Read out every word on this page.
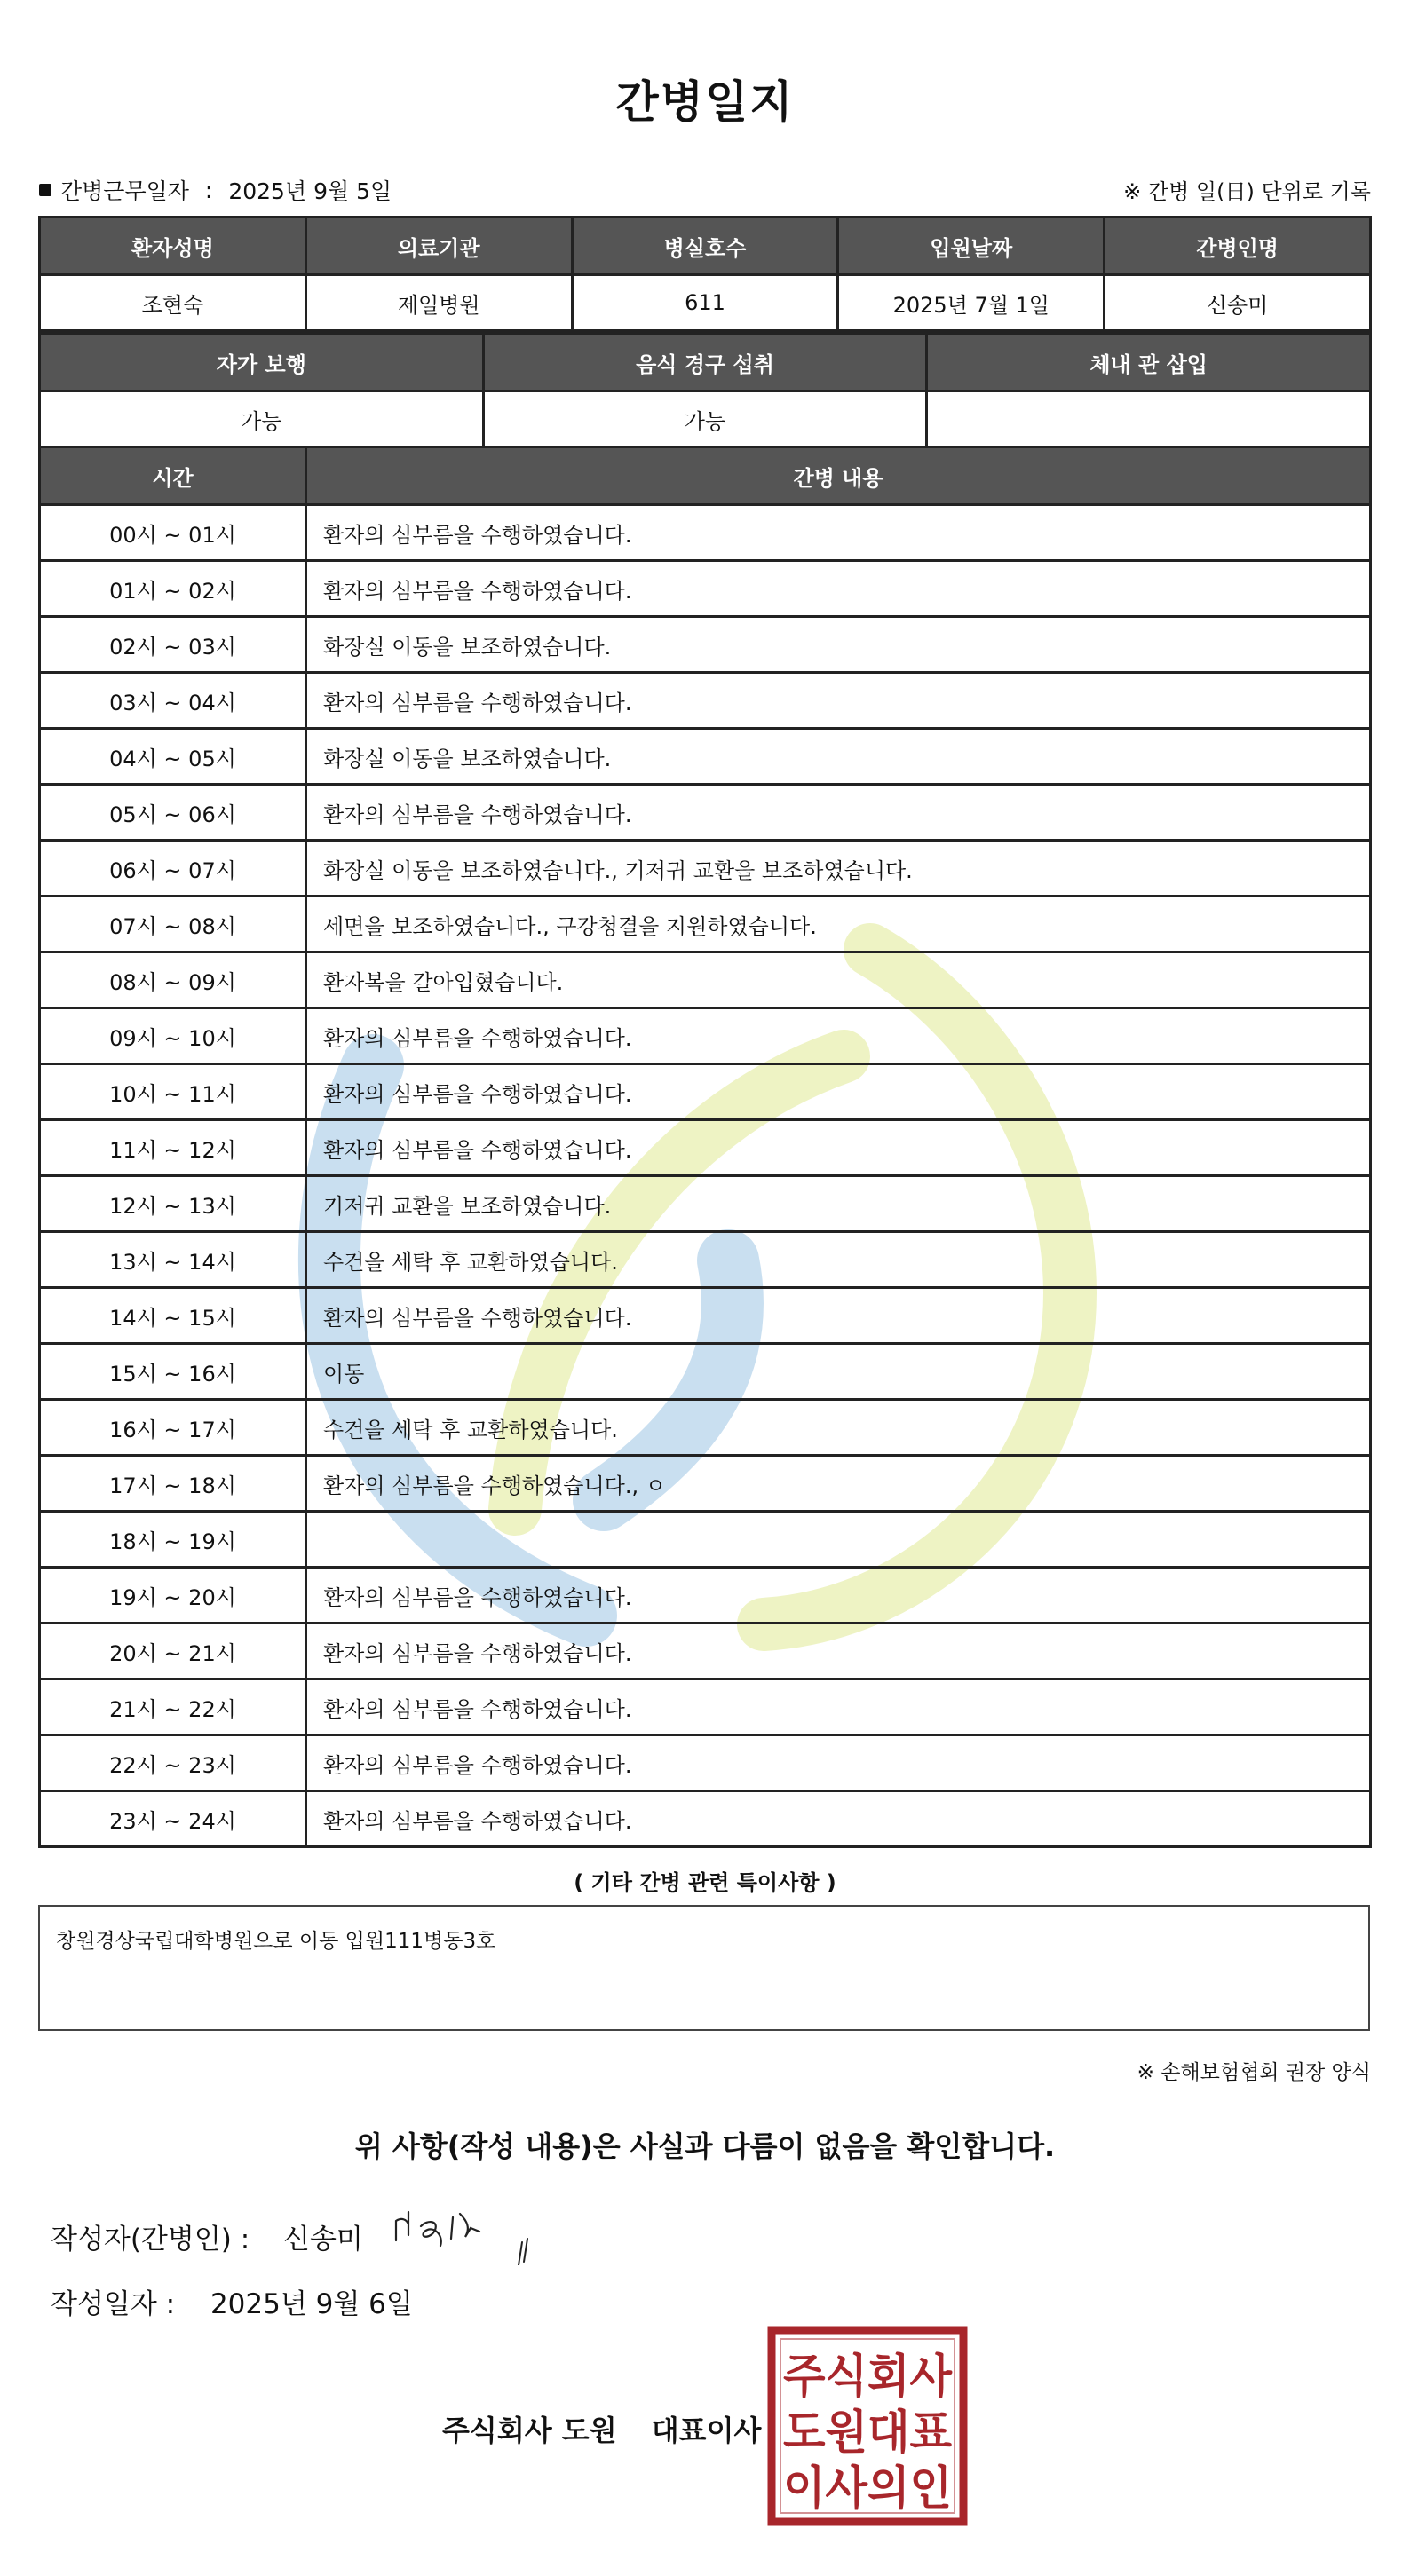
간병일지
간병근무일자 : 2025년 9월 5일	※ 간병 일(日) 단위로 기록
환자성명	의료기관	병실호수	입원날짜	간병인명
조현숙	제일병원	611	2025년 7월 1일	신송미
자가 보행	음식 경구 섭취	체내 관 삽입
가능	가능	
시간	간병 내용
00시 ~ 01시	환자의 심부름을 수행하였습니다.
01시 ~ 02시	환자의 심부름을 수행하였습니다.
02시 ~ 03시	화장실 이동을 보조하였습니다.
03시 ~ 04시	환자의 심부름을 수행하였습니다.
04시 ~ 05시	화장실 이동을 보조하였습니다.
05시 ~ 06시	환자의 심부름을 수행하였습니다.
06시 ~ 07시	화장실 이동을 보조하였습니다., 기저귀 교환을 보조하였습니다.
07시 ~ 08시	세면을 보조하였습니다., 구강청결을 지원하였습니다.
08시 ~ 09시	환자복을 갈아입혔습니다.
09시 ~ 10시	환자의 심부름을 수행하였습니다.
10시 ~ 11시	환자의 심부름을 수행하였습니다.
11시 ~ 12시	환자의 심부름을 수행하였습니다.
12시 ~ 13시	기저귀 교환을 보조하였습니다.
13시 ~ 14시	수건을 세탁 후 교환하였습니다.
14시 ~ 15시	환자의 심부름을 수행하였습니다.
15시 ~ 16시	이동
16시 ~ 17시	수건을 세탁 후 교환하였습니다.
17시 ~ 18시	환자의 심부름을 수행하였습니다., ㅇ
18시 ~ 19시	
19시 ~ 20시	환자의 심부름을 수행하였습니다.
20시 ~ 21시	환자의 심부름을 수행하였습니다.
21시 ~ 22시	환자의 심부름을 수행하였습니다.
22시 ~ 23시	환자의 심부름을 수행하였습니다.
23시 ~ 24시	환자의 심부름을 수행하였습니다.
( 기타 간병 관련 특이사항 )
창원경상국립대학병원으로 이동 입원111병동3호
※ 손해보험협회 권장 양식
위 사항(작성 내용)은 사실과 다름이 없음을 확인합니다.
작성자(간병인) : 신송미
작성일자 : 2025년 9월 6일
주식회사 도원 대표이사
주식회사
도원대표
이사의인
